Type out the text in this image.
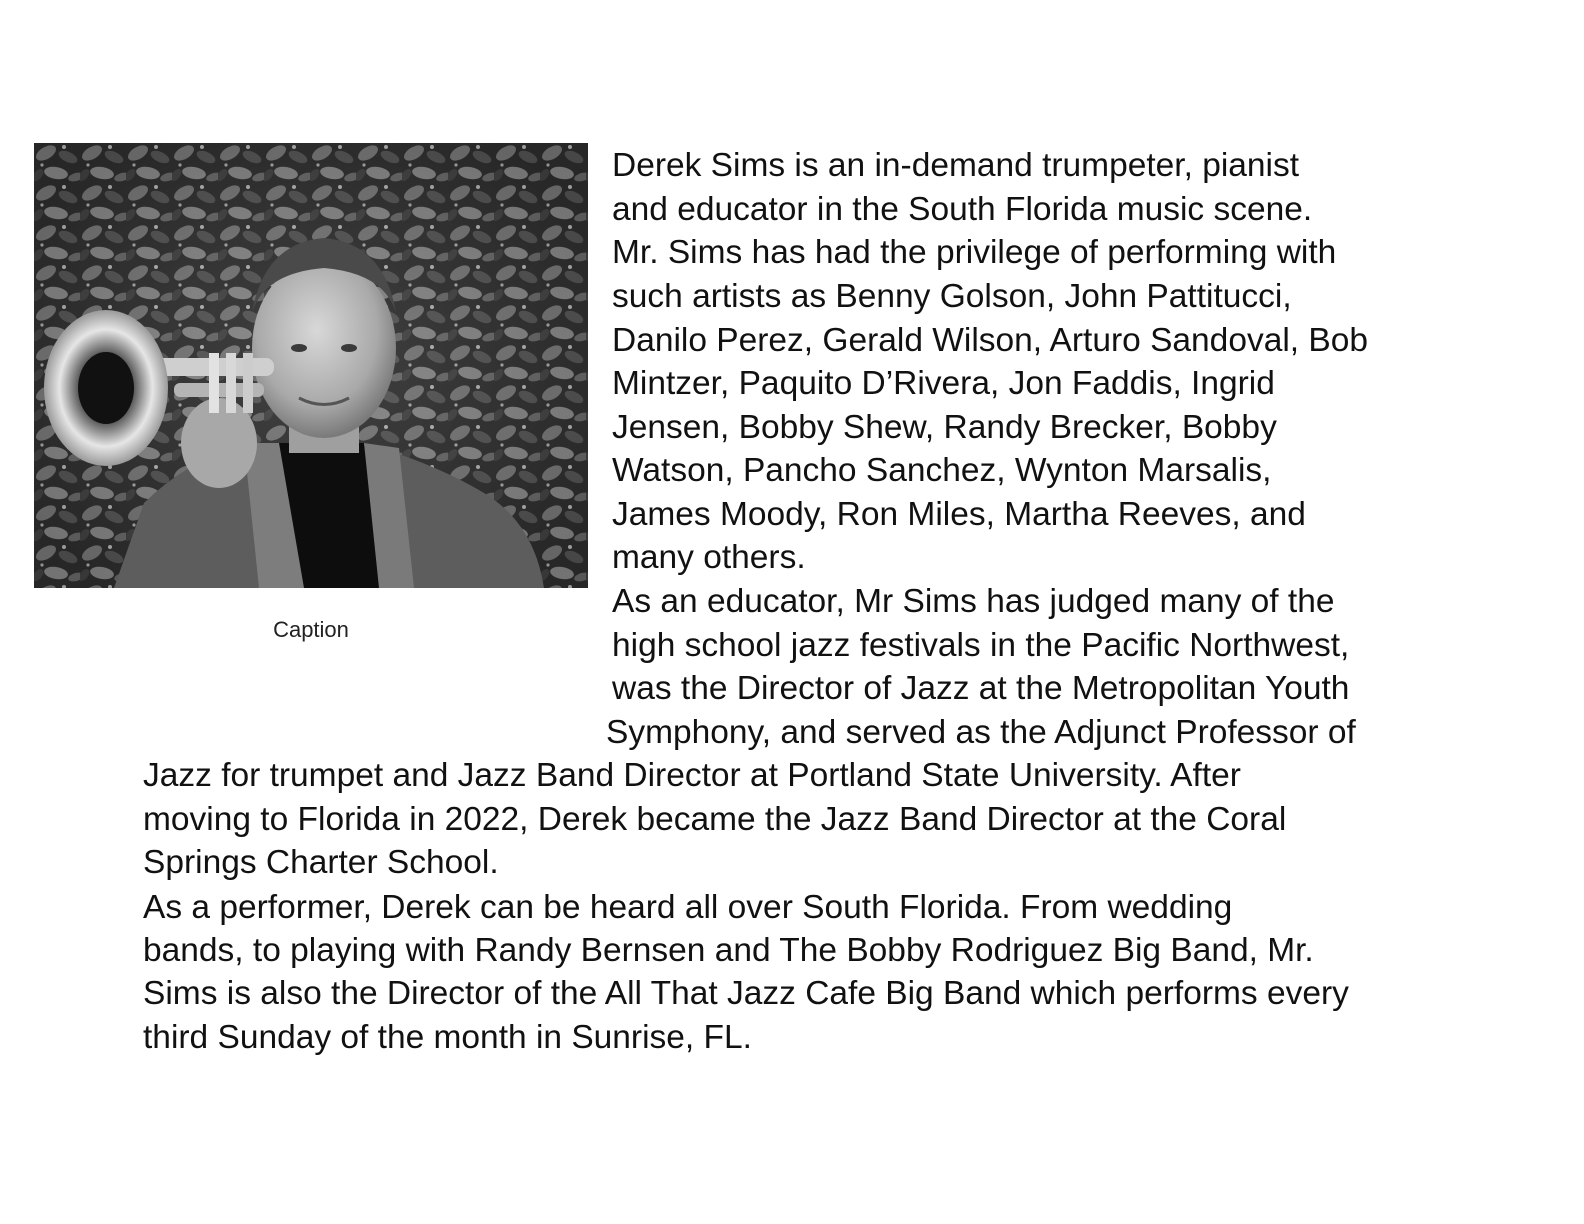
Caption
Derek Sims is an in-demand trumpeter, pianist
and educator in the South Florida music scene.
Mr. Sims has had the privilege of performing with
such artists as Benny Golson, John Pattitucci,
Danilo Perez, Gerald Wilson, Arturo Sandoval, Bob
Mintzer, Paquito D’Rivera, Jon Faddis, Ingrid
Jensen, Bobby Shew, Randy Brecker, Bobby
Watson, Pancho Sanchez, Wynton Marsalis,
James Moody, Ron Miles, Martha Reeves, and
many others.
As an educator, Mr Sims has judged many of the
high school jazz festivals in the Pacific Northwest,
was the Director of Jazz at the Metropolitan Youth
Symphony, and served as the Adjunct Professor of
Jazz for trumpet and Jazz Band Director at Portland State University. After
moving to Florida in 2022, Derek became the Jazz Band Director at the Coral
Springs Charter School.
As a performer, Derek can be heard all over South Florida. From wedding
bands, to playing with Randy Bernsen and The Bobby Rodriguez Big Band, Mr.
Sims is also the Director of the All That Jazz Cafe Big Band which performs every
third Sunday of the month in Sunrise, FL.
